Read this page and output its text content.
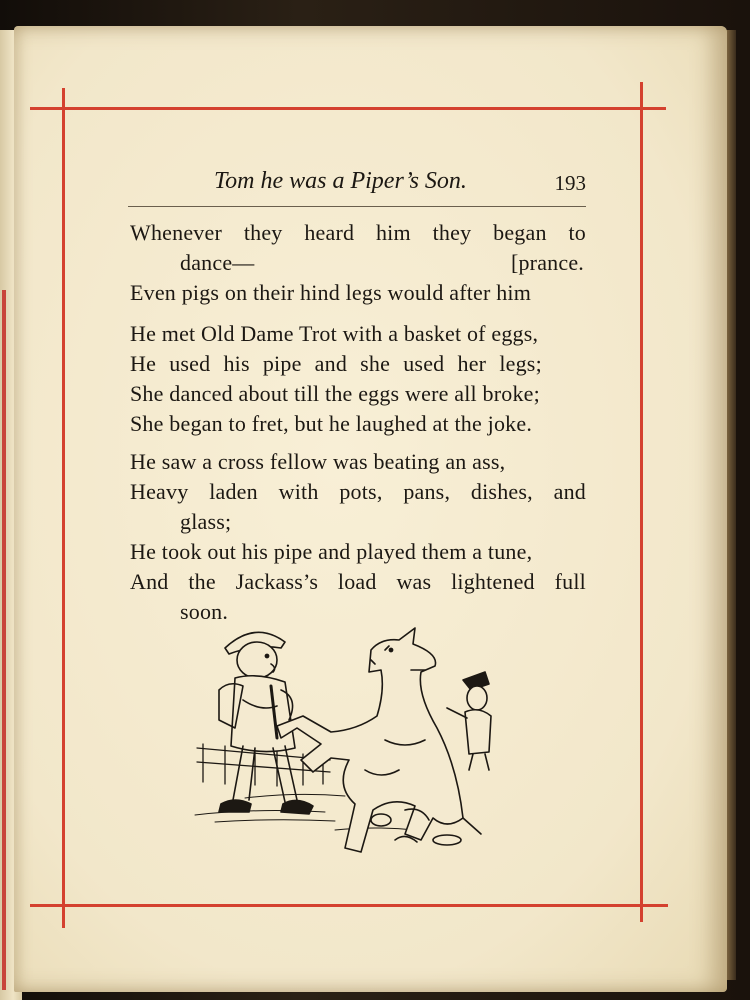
Tom he was a Piper’s Son.	193
Whenever they heard him they began to
dance—	[prance.
Even pigs on their hind legs would after him
He met Old Dame Trot with a basket of eggs,
He used his pipe and she used her legs;
She danced about till the eggs were all broke;
She began to fret, but he laughed at the joke.
He saw a cross fellow was beating an ass,
Heavy laden with pots, pans, dishes, and
glass;
He took out his pipe and played them a tune,
And the Jackass’s load was lightened full
soon.
